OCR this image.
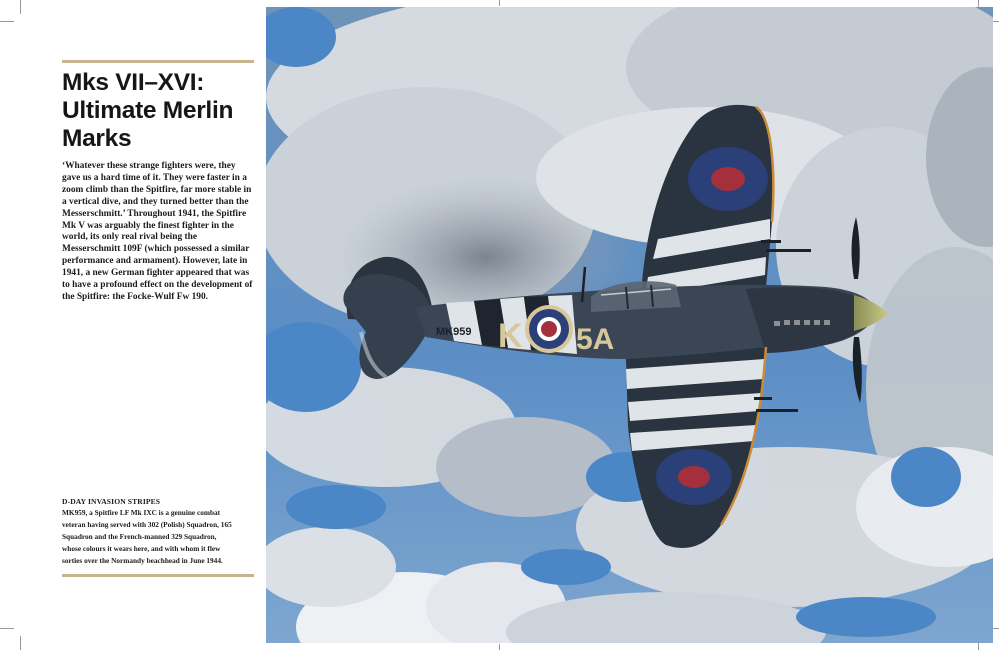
Mks VII–XVI: Ultimate Merlin Marks
‘Whatever these strange fighters were, they gave us a hard time of it. They were faster in a zoom climb than the Spitfire, far more stable in a vertical dive, and they turned better than the Messerschmitt.’ Throughout 1941, the Spitfire Mk V was arguably the finest fighter in the world, its only real rival being the Messerschmitt 109F (which possessed a similar performance and armament). However, late in 1941, a new German fighter appeared that was to have a profound effect on the development of the Spitfire: the Focke-Wulf Fw 190.
D-DAY INVASION STRIPES
MK959, a Spitfire LF Mk IXC is a genuine combat veteran having served with 302 (Polish) Squadron, 165 Squadron and the French-manned 329 Squadron, whose colours it wears here, and with whom it flew sorties over the Normandy beachhead in June 1944.
K 5A
MK959
